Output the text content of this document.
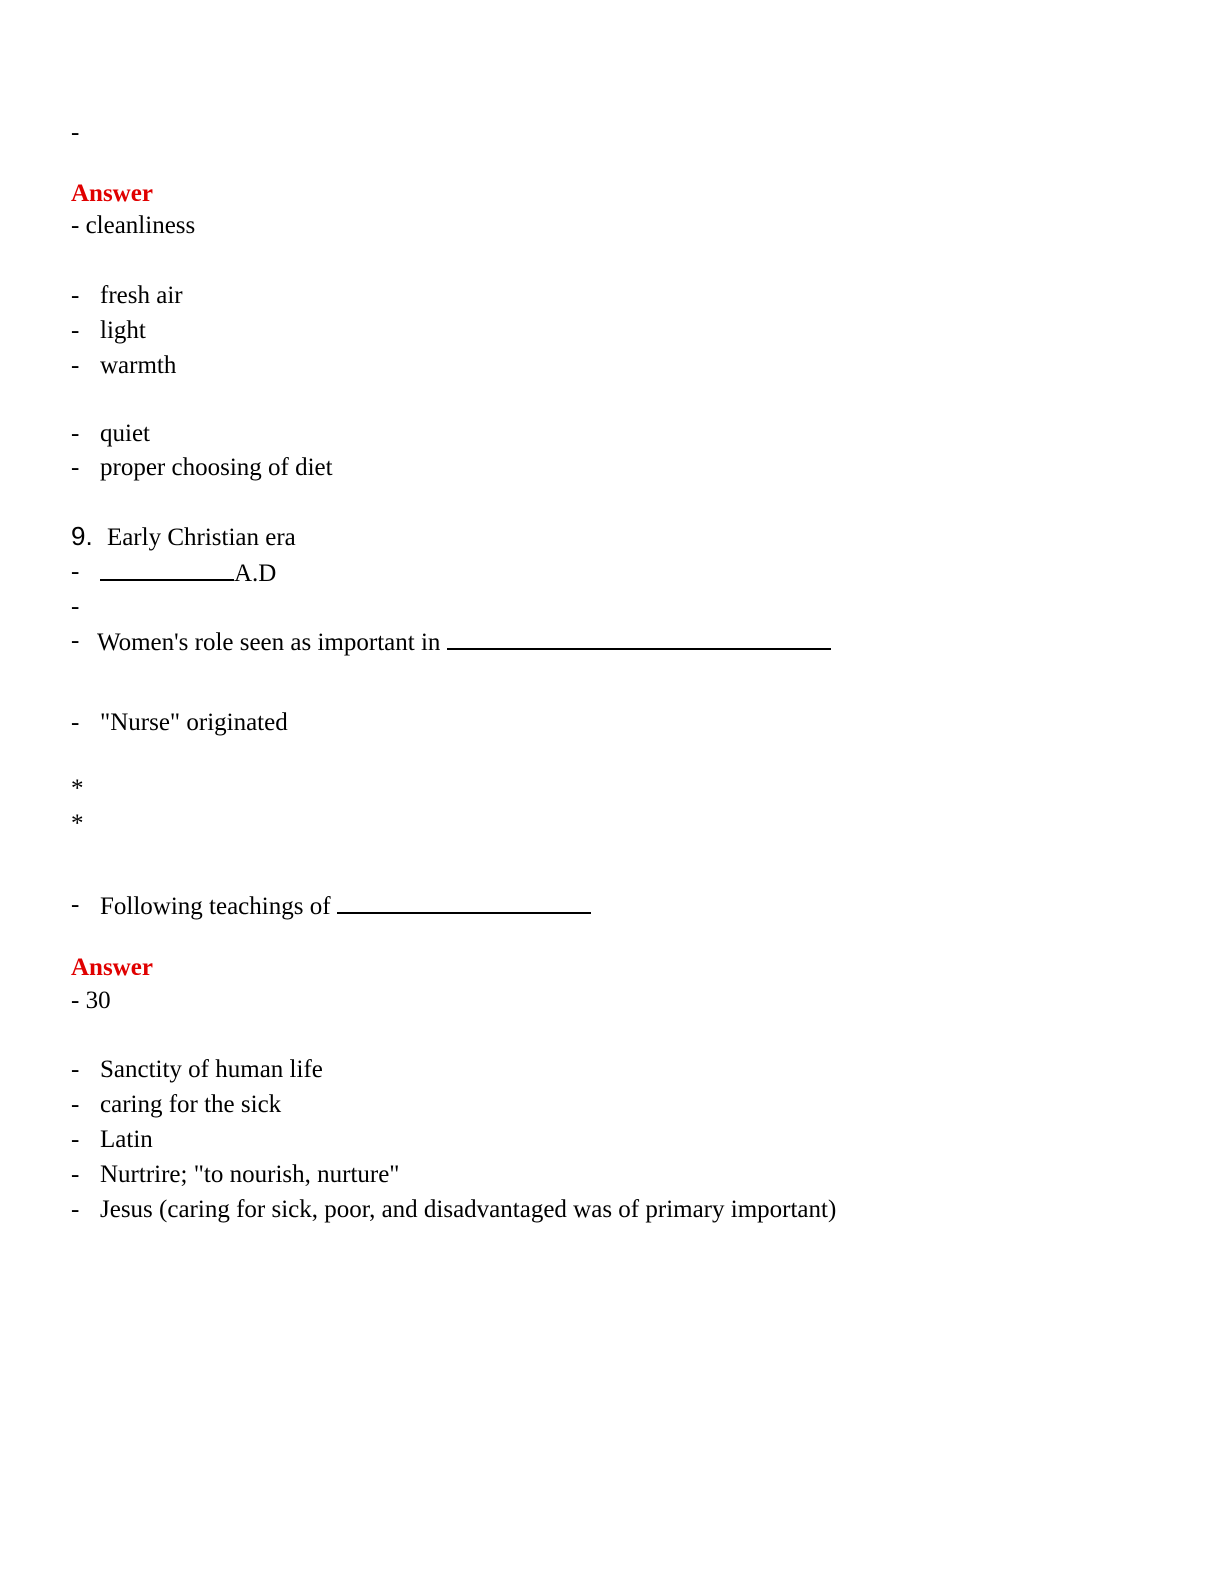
-
Answer
- cleanliness
- fresh air
- light
- warmth
- quiet
- proper choosing of diet
9. Early Christian era
-	A.D
-
- Women's role seen as important in
- "Nurse" originated
*
*
- Following teachings of
Answer
- 30
- Sanctity of human life
- caring for the sick
- Latin
- Nurtrire; "to nourish, nurture"
- Jesus (caring for sick, poor, and disadvantaged was of primary important)
